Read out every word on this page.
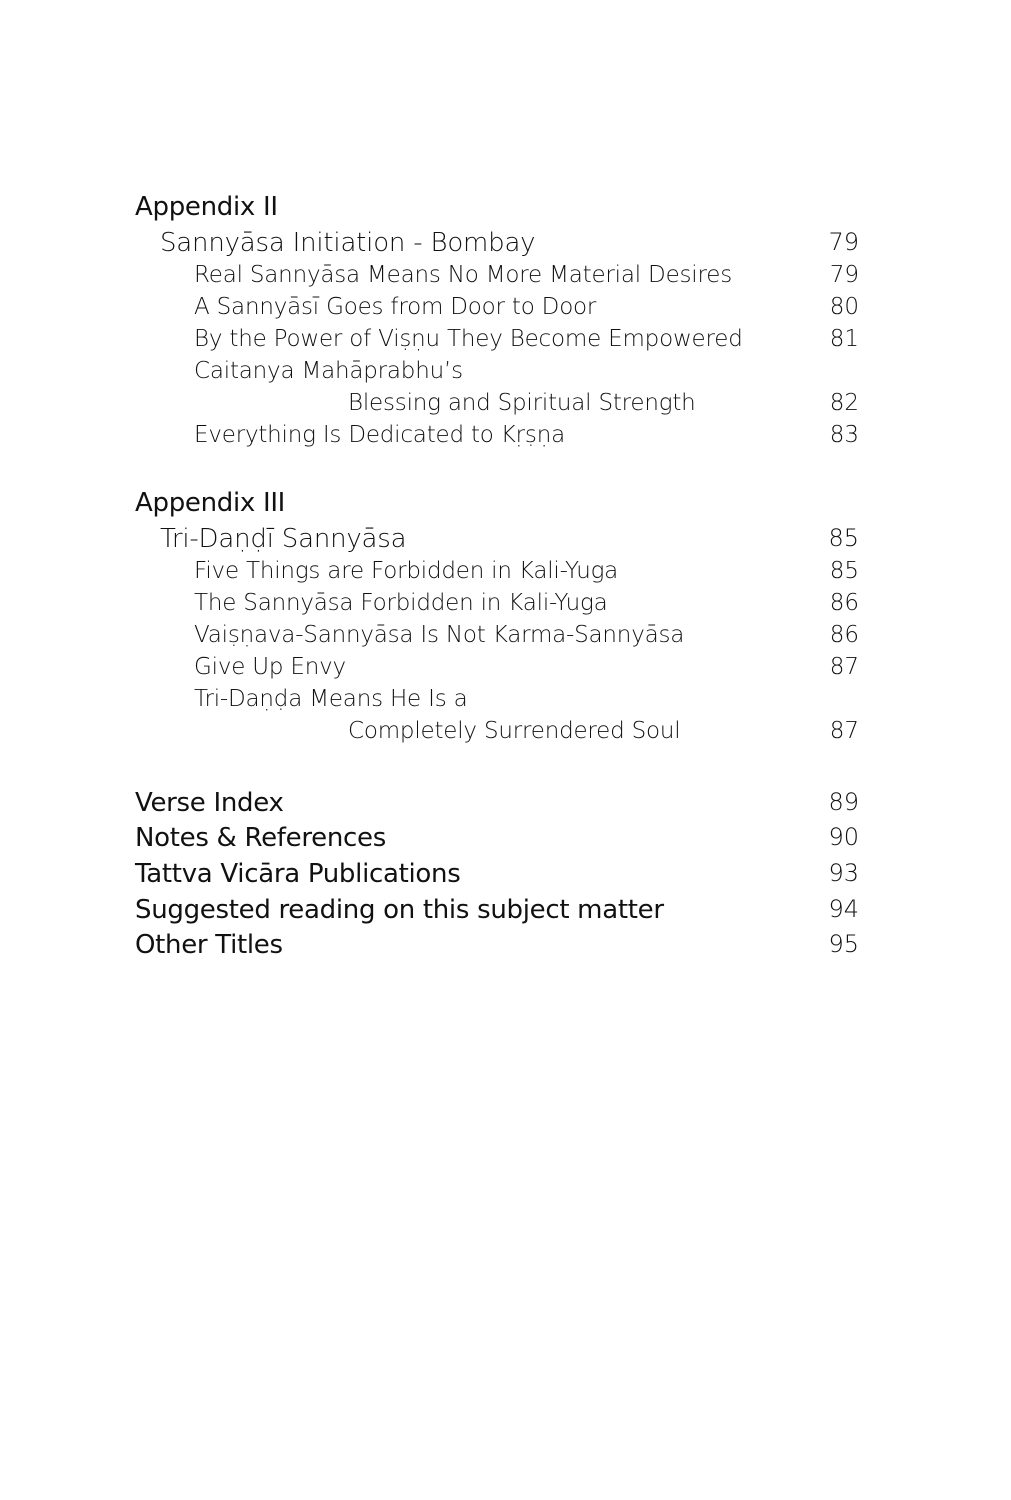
Appendix II
Sannyāsa Initiation - Bombay	79
Real Sannyāsa Means No More Material Desires	79
A Sannyāsī Goes from Door to Door	80
By the Power of Viṣṇu They Become Empowered	81
Caitanya Mahāprabhu’s
Blessing and Spiritual Strength	82
Everything Is Dedicated to Kṛṣṇa	83
Appendix III
Tri-Daṇḍī Sannyāsa	85
Five Things are Forbidden in Kali-Yuga	85
The Sannyāsa Forbidden in Kali-Yuga	86
Vaiṣṇava-Sannyāsa Is Not Karma-Sannyāsa	86
Give Up Envy	87
Tri-Daṇḍa Means He Is a
Completely Surrendered Soul	87
Verse Index	89
Notes & References	90
Tattva Vicāra Publications	93
Suggested reading on this subject matter	94
Other Titles	95
